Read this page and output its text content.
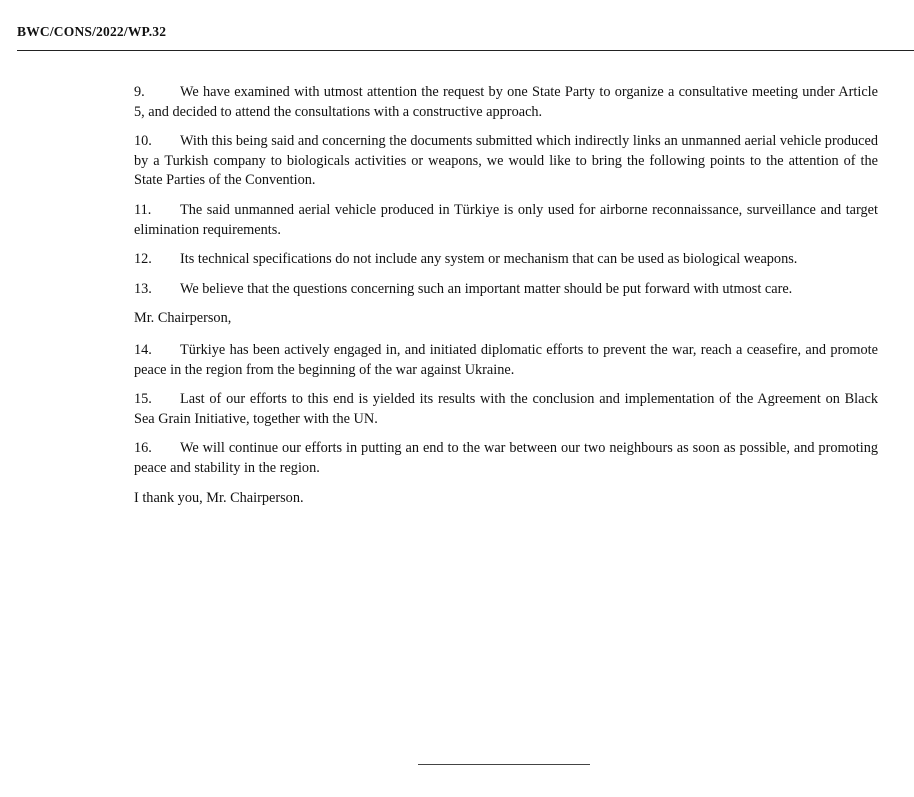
BWC/CONS/2022/WP.32

9. We have examined with utmost attention the request by one State Party to organize a consultative meeting under Article 5, and decided to attend the consultations with a constructive approach.

10. With this being said and concerning the documents submitted which indirectly links an unmanned aerial vehicle produced by a Turkish company to biologicals activities or weapons, we would like to bring the following points to the attention of the State Parties of the Convention.

11. The said unmanned aerial vehicle produced in Türkiye is only used for airborne reconnaissance, surveillance and target elimination requirements.

12. Its technical specifications do not include any system or mechanism that can be used as biological weapons.

13. We believe that the questions concerning such an important matter should be put forward with utmost care.

Mr. Chairperson,

14. Türkiye has been actively engaged in, and initiated diplomatic efforts to prevent the war, reach a ceasefire, and promote peace in the region from the beginning of the war against Ukraine.

15. Last of our efforts to this end is yielded its results with the conclusion and implementation of the Agreement on Black Sea Grain Initiative, together with the UN.

16. We will continue our efforts in putting an end to the war between our two neighbours as soon as possible, and promoting peace and stability in the region.

I thank you, Mr. Chairperson.
